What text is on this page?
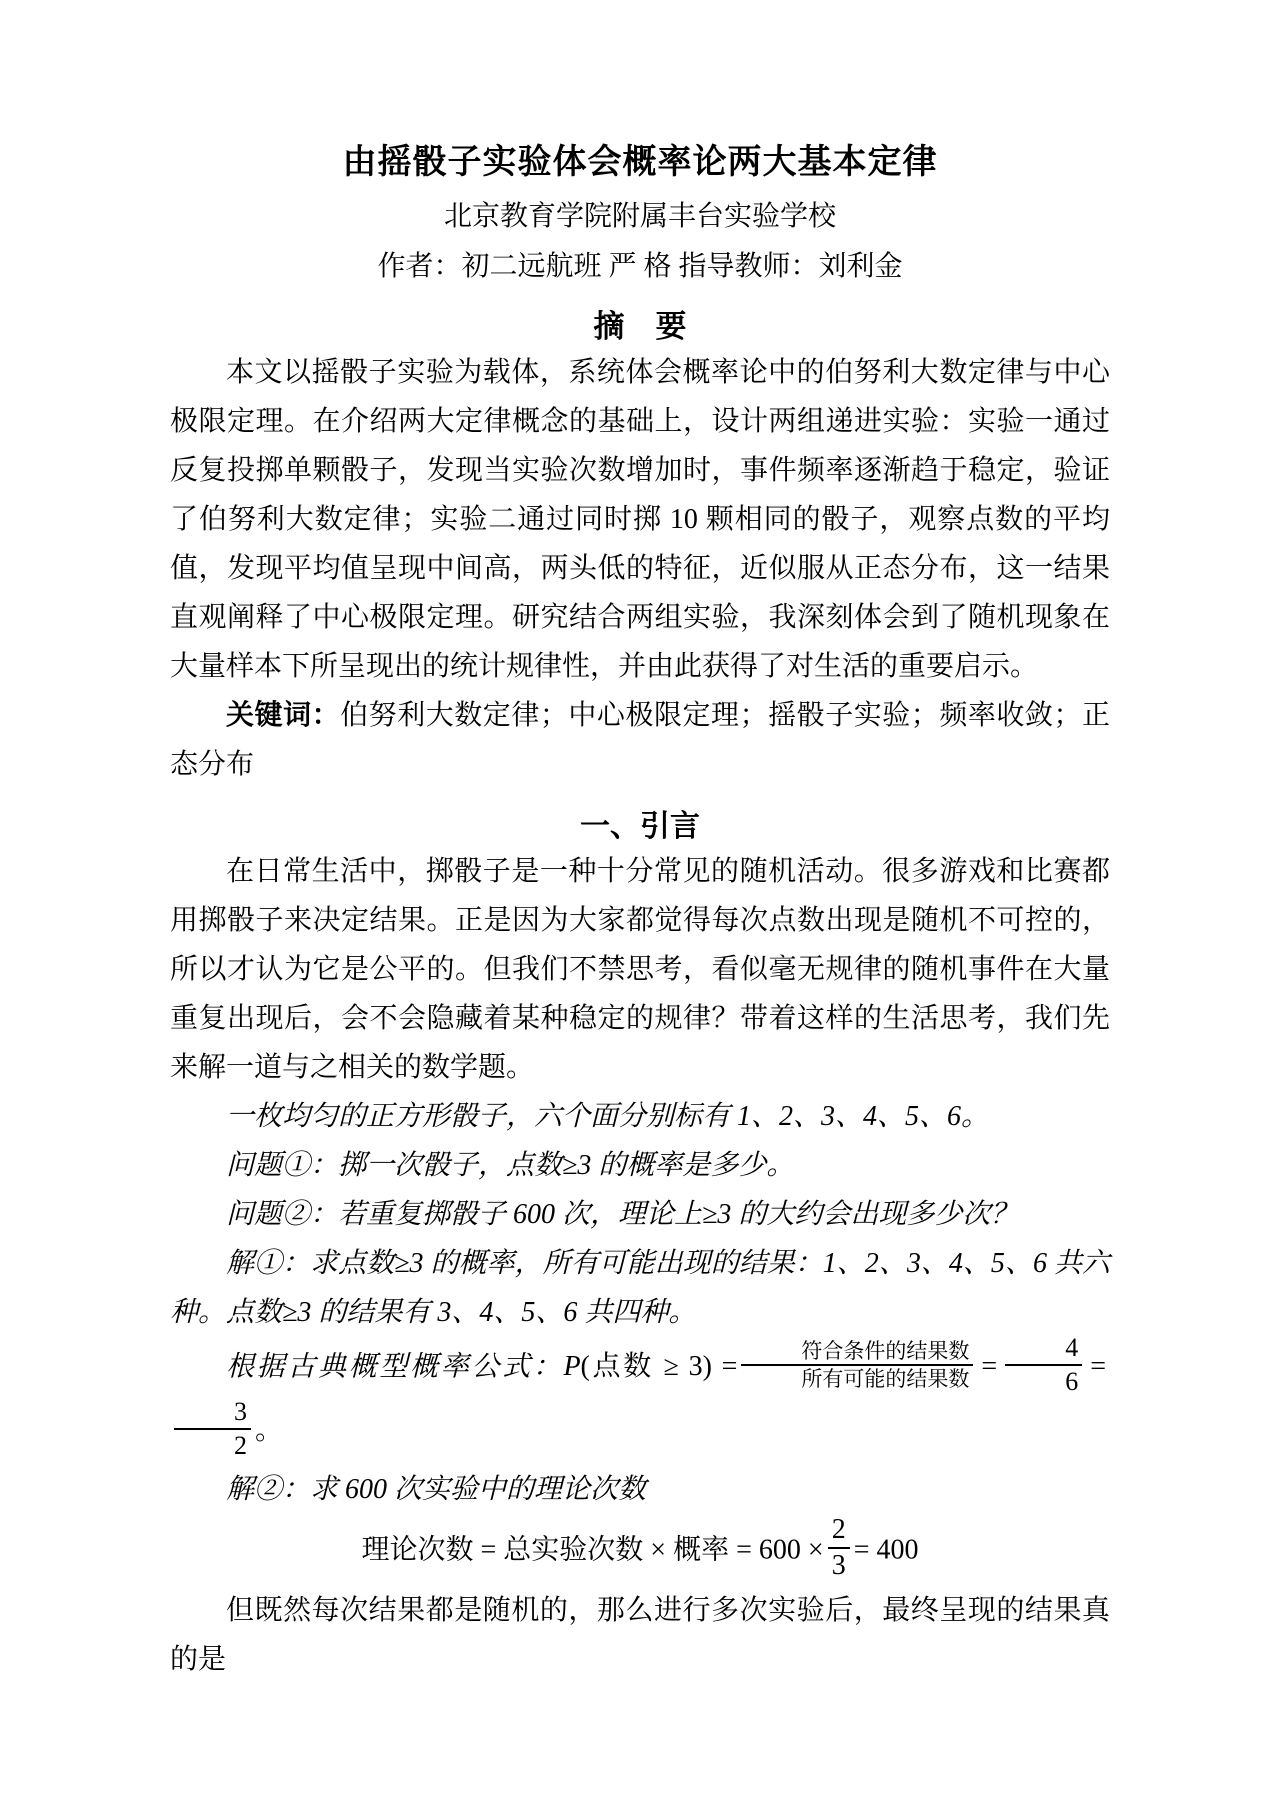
由摇骰子实验体会概率论两大基本定律

北京教育学院附属丰台实验学校

作者：初二远航班 严 格 指导教师：刘利金

摘　要

本文以摇骰子实验为载体，系统体会概率论中的伯努利大数定律与中心极限定理。在介绍两大定律概念的基础上，设计两组递进实验：实验一通过反复投掷单颗骰子，发现当实验次数增加时，事件频率逐渐趋于稳定，验证了伯努利大数定律；实验二通过同时掷 10 颗相同的骰子，观察点数的平均值，发现平均值呈现中间高，两头低的特征，近似服从正态分布，这一结果直观阐释了中心极限定理。研究结合两组实验，我深刻体会到了随机现象在大量样本下所呈现出的统计规律性，并由此获得了对生活的重要启示。

关键词：伯努利大数定律；中心极限定理；摇骰子实验；频率收敛；正态分布

一、引言

在日常生活中，掷骰子是一种十分常见的随机活动。很多游戏和比赛都用掷骰子来决定结果。正是因为大家都觉得每次点数出现是随机不可控的，所以才认为它是公平的。但我们不禁思考，看似毫无规律的随机事件在大量重复出现后，会不会隐藏着某种稳定的规律？带着这样的生活思考，我们先来解一道与之相关的数学题。

一枚均匀的正方形骰子，六个面分别标有 1、2、3、4、5、6。

问题①：掷一次骰子，点数≥3 的概率是多少。

问题②：若重复掷骰子 600 次，理论上≥3 的大约会出现多少次？

解①：求点数≥3 的概率，所有可能出现的结果：1、2、3、4、5、6 共六种。点数≥3 的结果有 3、4、5、6 共四种。

根据古典概型概率公式：P(点数 ≥ $3) = \frac{\text{符合条件的结果数}}{\text{所有可能的结果数}} = \frac{4}{6}$ =
$\frac{3}{2}$ 。

解②：求 600 次实验中的理论次数

理论次数 = 总实验次数 × 概率 = $600 \times \frac{2}{3} = 400$

但既然每次结果都是随机的，那么进行多次实验后，最终呈现的结果真的是
